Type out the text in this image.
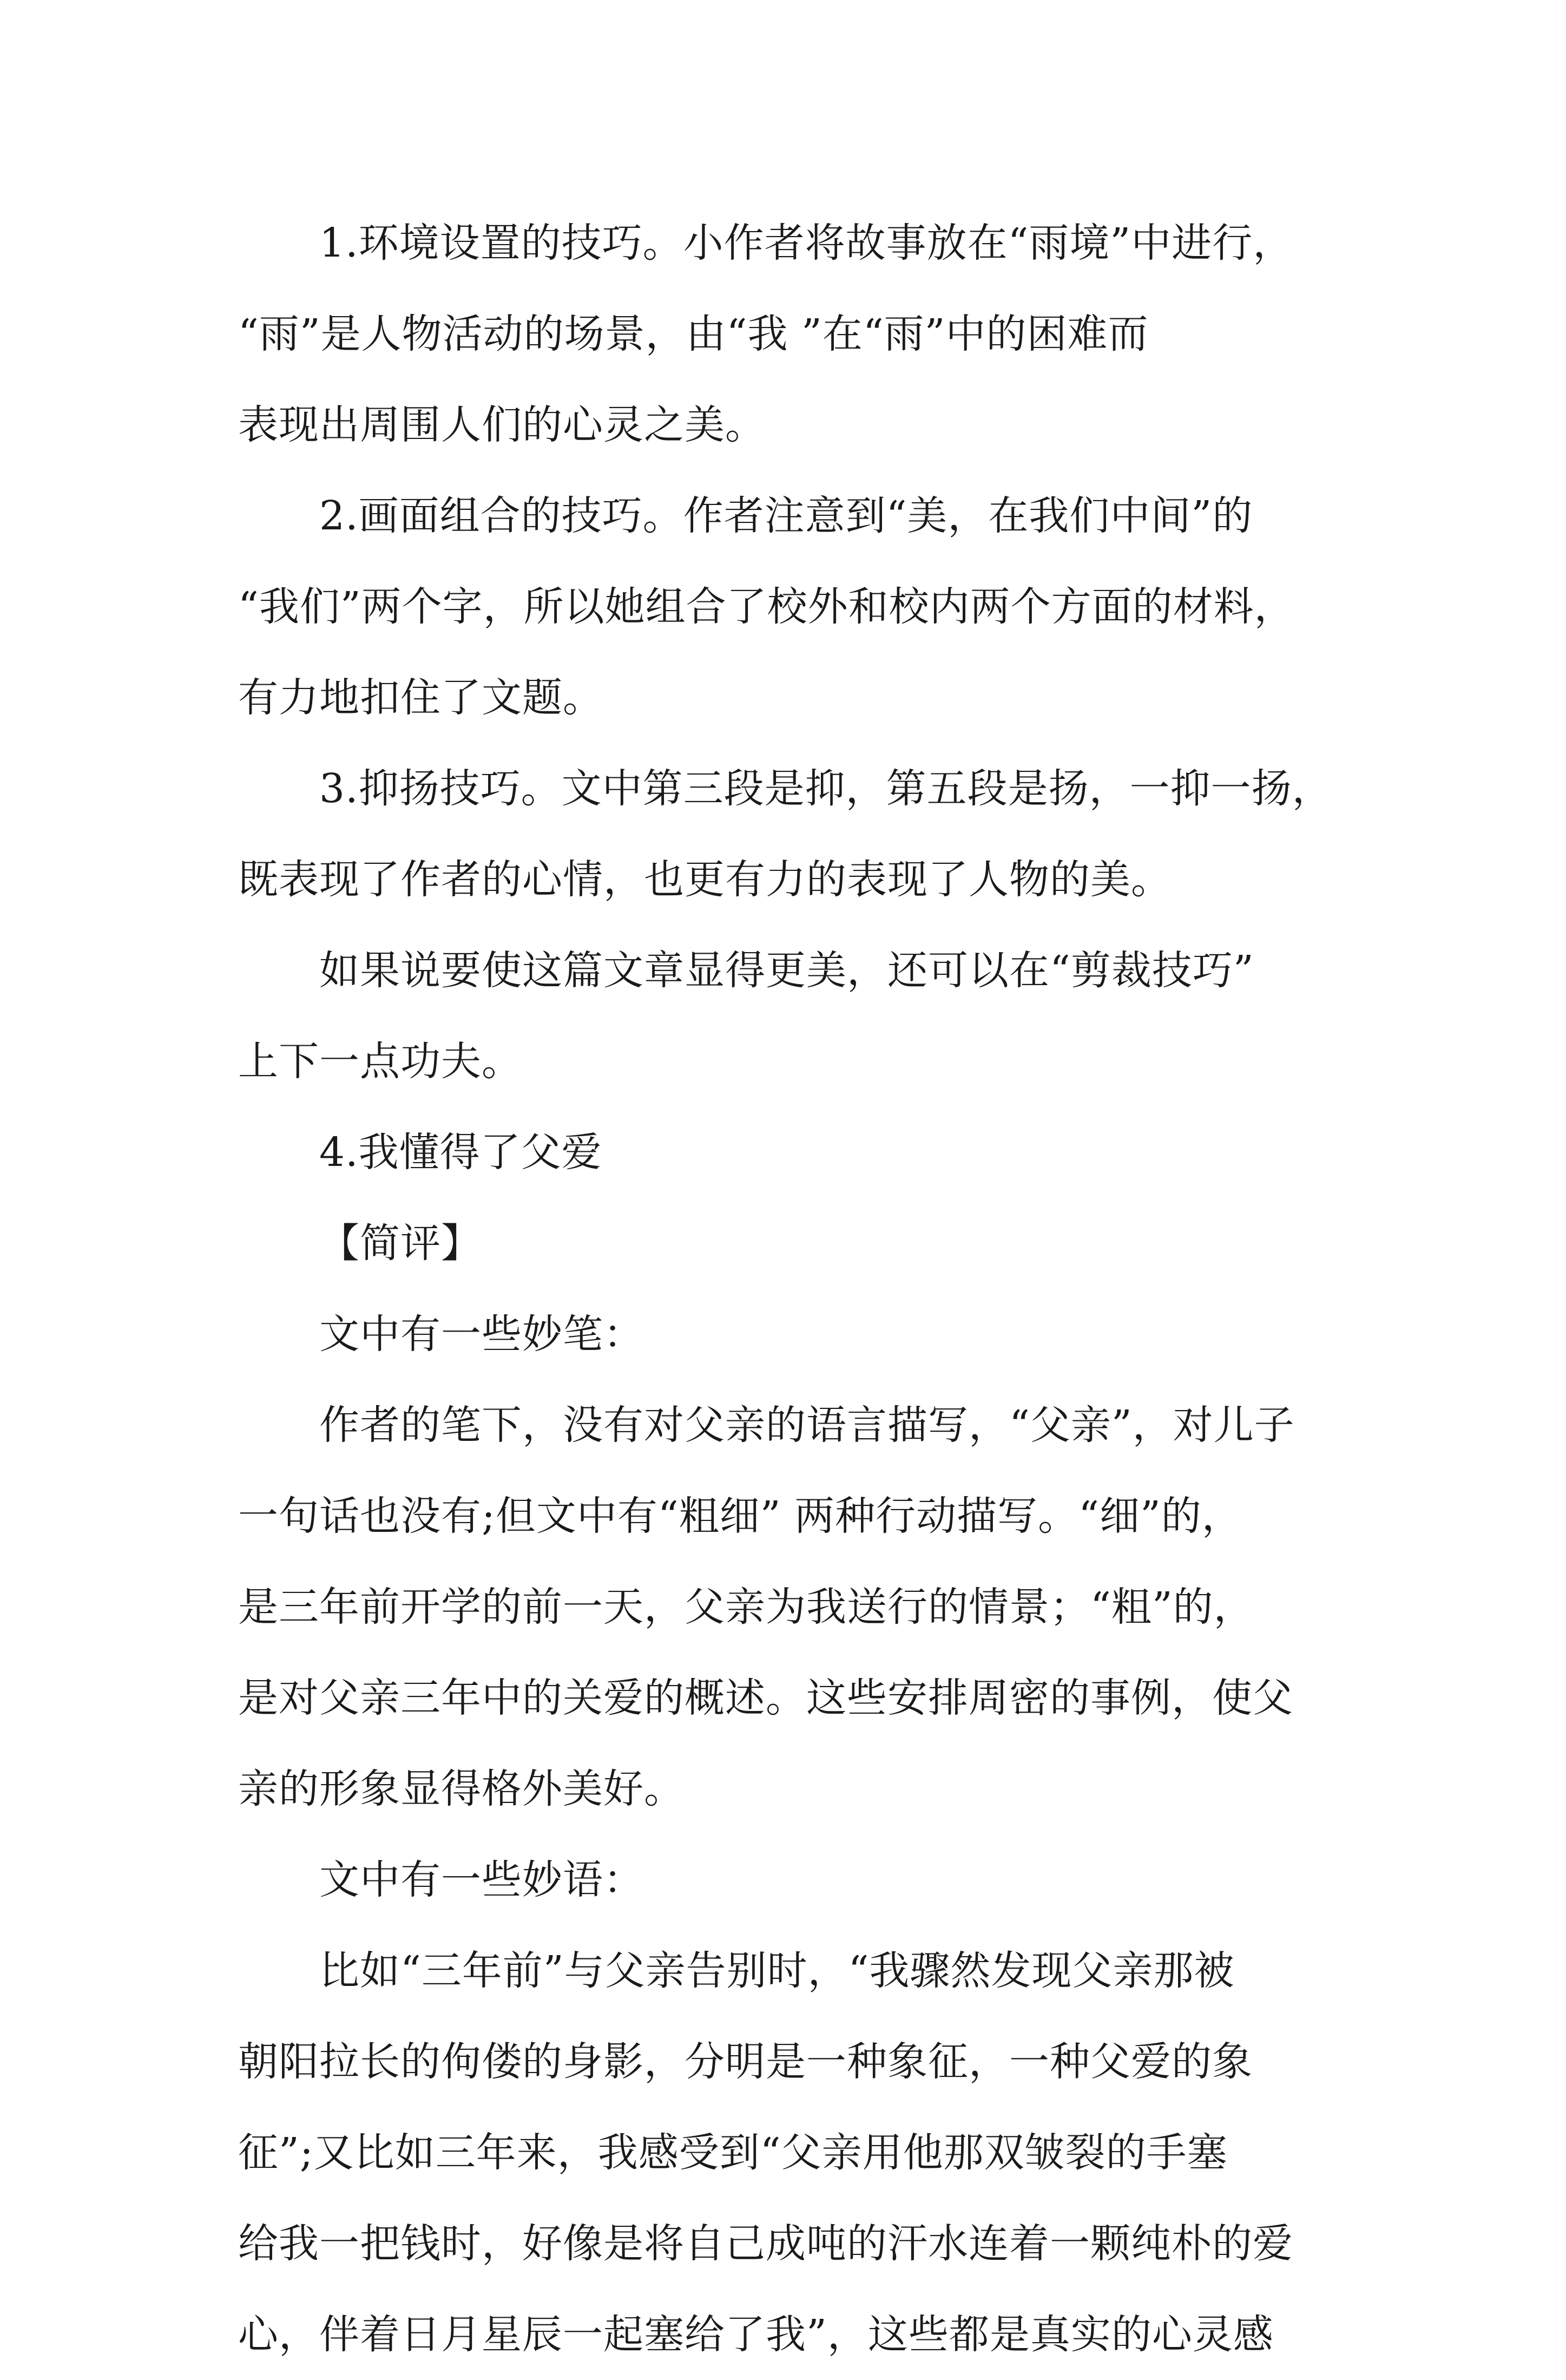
1.环境设置的技巧。小作者将故事放在“雨境”中进行，
“雨”是人物活动的场景，由“我 ”在“雨”中的困难而
表现出周围人们的心灵之美。
2.画面组合的技巧。作者注意到“美，在我们中间”的
“我们”两个字，所以她组合了校外和校内两个方面的材料，
有力地扣住了文题。
3.抑扬技巧。文中第三段是抑，第五段是扬，一抑一扬，
既表现了作者的心情，也更有力的表现了人物的美。
如果说要使这篇文章显得更美，还可以在“剪裁技巧”
上下一点功夫。
4.我懂得了父爱
【简评】
文中有一些妙笔：
作者的笔下，没有对父亲的语言描写，“父亲”，对儿子
一句话也没有;但文中有“粗细” 两种行动描写。“细”的，
是三年前开学的前一天，父亲为我送行的情景；“粗”的，
是对父亲三年中的关爱的概述。这些安排周密的事例，使父
亲的形象显得格外美好。
文中有一些妙语：
比如“三年前”与父亲告别时，“我骤然发现父亲那被
朝阳拉长的佝偻的身影，分明是一种象征，一种父爱的象
征”;又比如三年来，我感受到“父亲用他那双皱裂的手塞
给我一把钱时，好像是将自己成吨的汗水连着一颗纯朴的爱
心，伴着日月星辰一起塞给了我”，这些都是真实的心灵感
